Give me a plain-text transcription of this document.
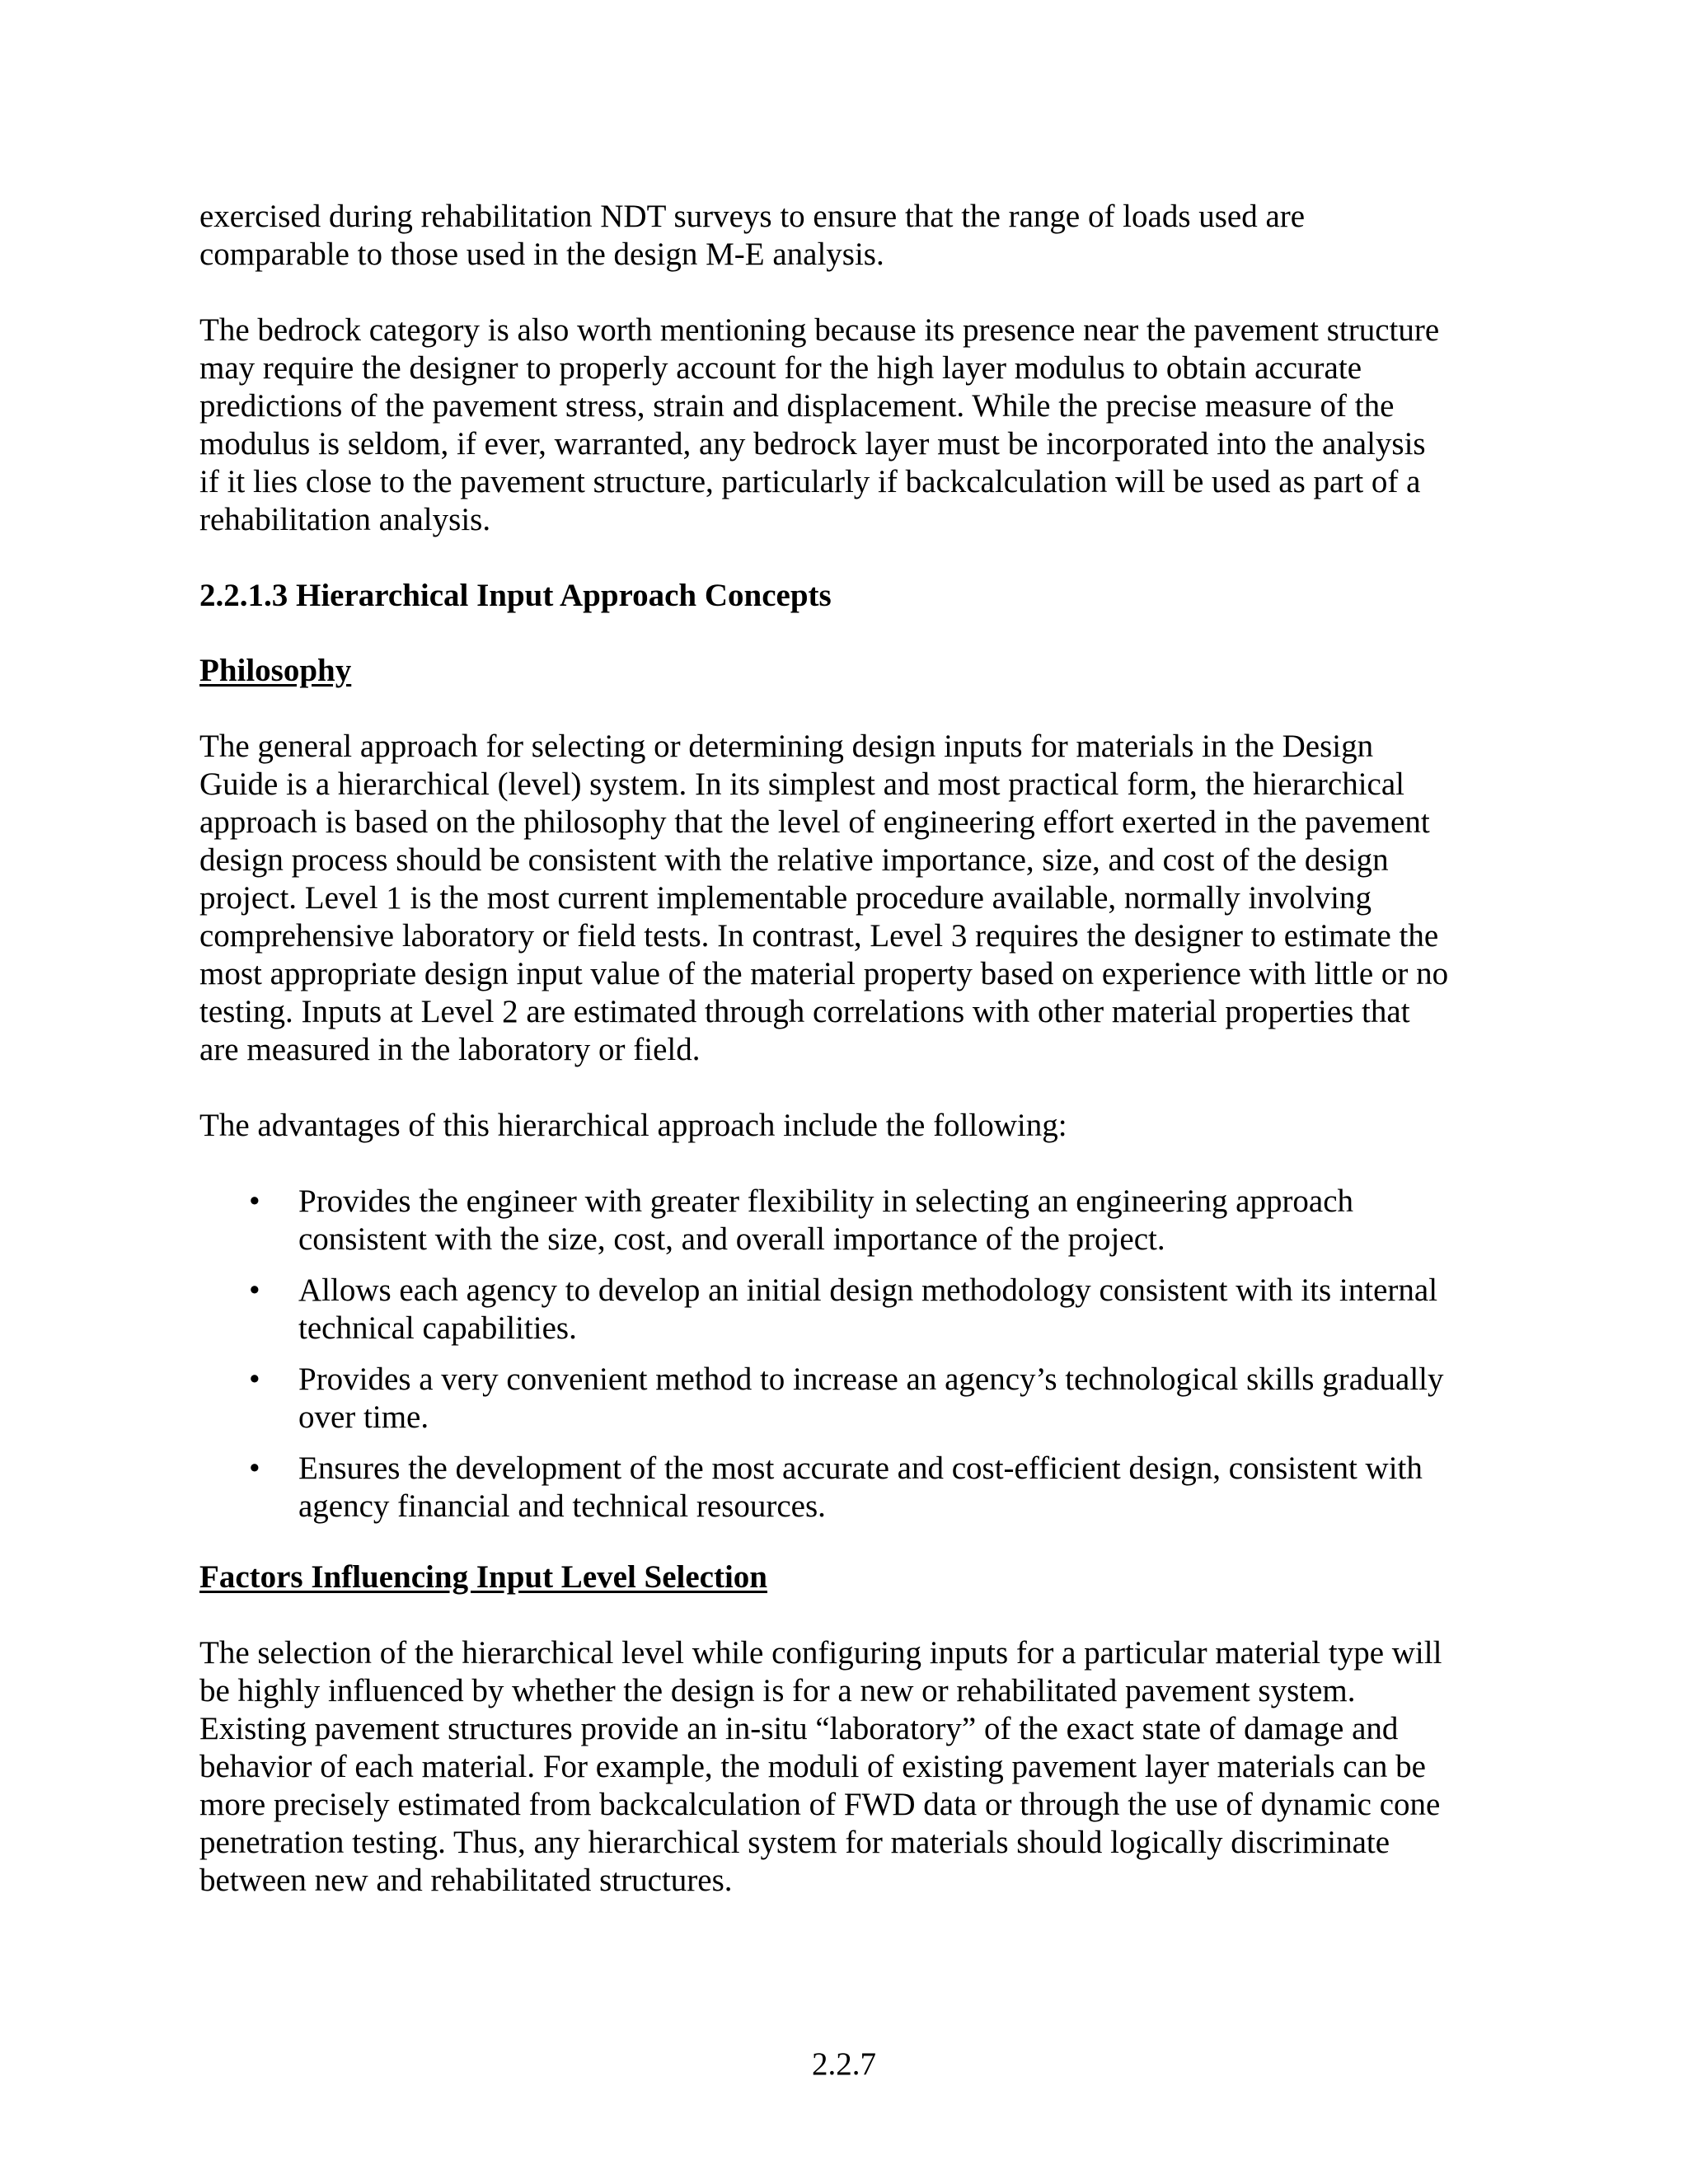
exercised during rehabilitation NDT surveys to ensure that the range of loads used are
comparable to those used in the design M-E analysis.

The bedrock category is also worth mentioning because its presence near the pavement structure
may require the designer to properly account for the high layer modulus to obtain accurate
predictions of the pavement stress, strain and displacement. While the precise measure of the
modulus is seldom, if ever, warranted, any bedrock layer must be incorporated into the analysis
if it lies close to the pavement structure, particularly if backcalculation will be used as part of a
rehabilitation analysis.

2.2.1.3 Hierarchical Input Approach Concepts
Philosophy

The general approach for selecting or determining design inputs for materials in the Design
Guide is a hierarchical (level) system. In its simplest and most practical form, the hierarchical
approach is based on the philosophy that the level of engineering effort exerted in the pavement
design process should be consistent with the relative importance, size, and cost of the design
project. Level 1 is the most current implementable procedure available, normally involving
comprehensive laboratory or field tests. In contrast, Level 3 requires the designer to estimate the
most appropriate design input value of the material property based on experience with little or no
testing. Inputs at Level 2 are estimated through correlations with other material properties that
are measured in the laboratory or field.

The advantages of this hierarchical approach include the following:

• Provides the engineer with greater flexibility in selecting an engineering approach
consistent with the size, cost, and overall importance of the project.
• Allows each agency to develop an initial design methodology consistent with its internal
technical capabilities.
• Provides a very convenient method to increase an agency’s technological skills gradually
over time.
• Ensures the development of the most accurate and cost-efficient design, consistent with
agency financial and technical resources.
Factors Influencing Input Level Selection

The selection of the hierarchical level while configuring inputs for a particular material type will
be highly influenced by whether the design is for a new or rehabilitated pavement system.
Existing pavement structures provide an in-situ “laboratory” of the exact state of damage and
behavior of each material. For example, the moduli of existing pavement layer materials can be
more precisely estimated from backcalculation of FWD data or through the use of dynamic cone
penetration testing. Thus, any hierarchical system for materials should logically discriminate
between new and rehabilitated structures.

2.2.7
